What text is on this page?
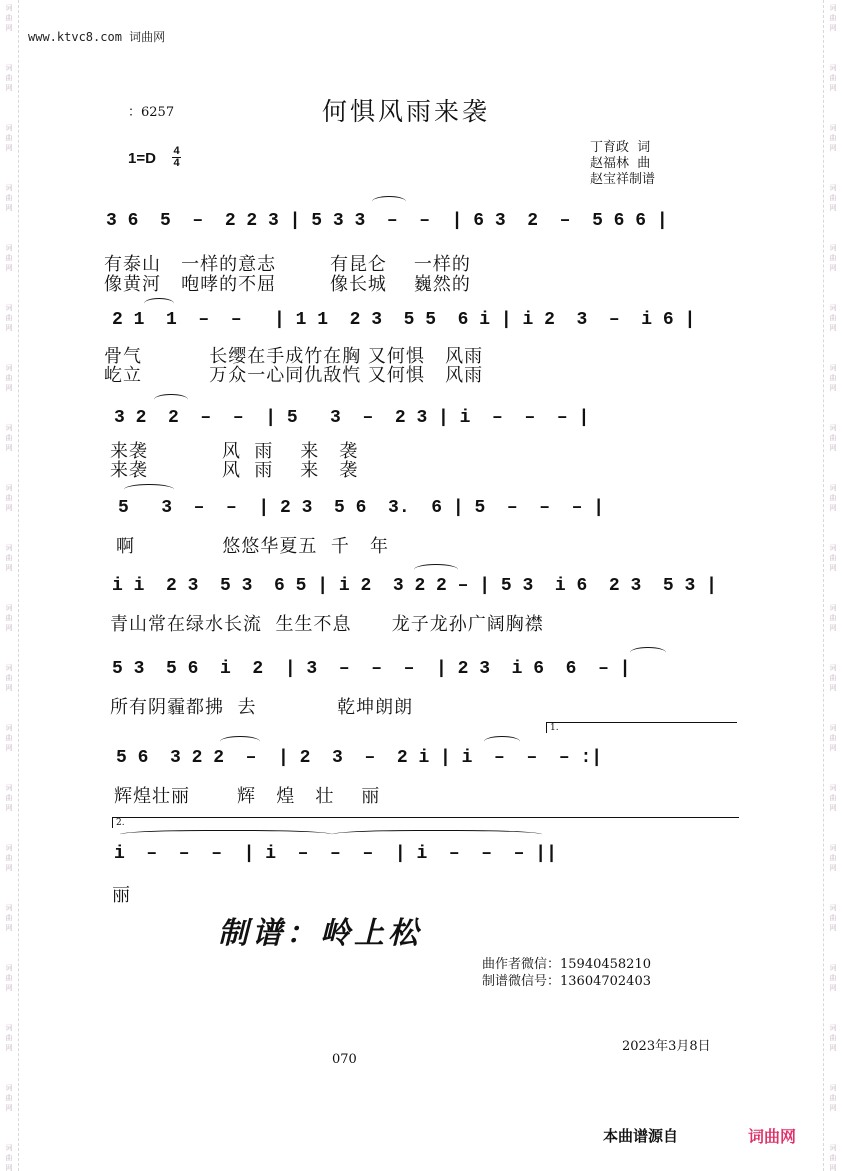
词
曲
网
词
曲
网
词
曲
网
词
曲
网
词
曲
网
词
曲
网
词
曲
网
词
曲
网
词
曲
网
词
曲
网
词
曲
网
词
曲
网
词
曲
网
词
曲
网
词
曲
网
词
曲
网
词
曲
网
词
曲
网
词
曲
网
词
曲
网
词
曲
网
词
曲
网
词
曲
网
词
曲
网
词
曲
网
词
曲
网
词
曲
网
词
曲
网
词
曲
网
词
曲
网
词
曲
网
词
曲
网
词
曲
网
词
曲
网
词
曲
网
词
曲
网
词
曲
网
词
曲
网
词
曲
网
词
曲
网
www.ktvc8.com 词曲网
：6257	何惧风雨来袭
1=D 4
4
丁育政  词
赵福林  曲
赵宝祥制谱
3 6  5  –  2 2 3 | 5 3 3  –  –  | 6 3  2  –  5 6 6 |
有泰山   一样的意志        有昆仑    一样的
像黄河   咆哮的不屈        像长城    巍然的
2 1  1  –  –   | 1 1  2 3  5 5  6 i | i 2  3  –  i 6 |
骨气          长缨在手成竹在胸 又何惧   风雨
屹立          万众一心同仇敌忾 又何惧   风雨
3 2  2  –  –  | 5   3  –  2 3 | i  –  –  – |
来袭           风  雨    来   袭
来袭           风  雨    来   袭
5   3  –  –  | 2 3  5 6  3.  6 | 5  –  –  – |
啊             悠悠华夏五  千   年
i i  2 3  5 3  6 5 | i 2  3 2 2 – | 5 3  i 6  2 3  5 3 |
青山常在绿水长流  生生不息      龙子龙孙广阔胸襟
5 3  5 6  i  2  | 3  –  –  –  | 2 3  i 6  6  – |
所有阴霾都拂  去            乾坤朗朗
5 6  3 2 2  –  | 2  3  –  2 i | i  –  –  – :|
辉煌壮丽       辉   煌   壮    丽
1.
2.
i  –  –  –  | i  –  –  –  | i  –  –  – ||
丽
制谱：岭上松
曲作者微信：15940458210
制谱微信号：13604702403
2023年3月8日
070
本曲谱源自	词曲网
